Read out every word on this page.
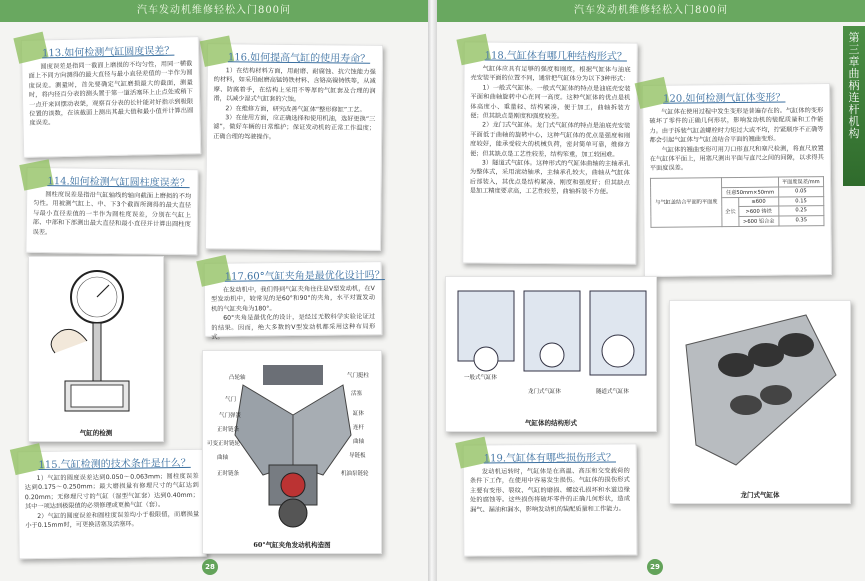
汽车发动机维修轻松入门800问
113.如何检测气缸圆度误差？

圆度误差是指同一截面上磨损的不均匀性，用同一横截面上不同方向测得的最大直径与最小直径差值的一半作为圆度误差。测量时，首先要确定气缸磨损最大的截面，测量时，将内径百分表的测头置于第一道活塞环上止点处或稍下一点开来回摆动表架，观察百分表的长针能对好指示到极限位置的读数，在该截面上测出其最大值和最小值并计算出圆度误差。

114.如何检测气缸圆柱度误差？

圆柱度误差是指沿气缸轴线的轴向截面上磨损的不均匀性。用被测气缸上、中、下3个截面所测得的最大直径与最小直径差值的一半作为圆柱度误差，分别在气缸上部、中部和下部测出最大直径和最小直径并计算出圆柱度误差。

气缸的检测
115.气缸检测的技术条件是什么？

1）气缸的圆度误差达到0.050～0.063mm；圆柱度误差达到0.175～0.250mm；最大磨损量有修理尺寸的气缸达到0.20mm；无修理尺寸的气缸（湿型气缸套）达到0.40mm；其中一项达到极限值的必须修理或更换气缸（套）。

2）气缸的圆度误差和圆柱度误差均小于极限值，而磨损量小于0.15mm时，可更换活塞及活塞环。

116.如何提高气缸的使用寿命？

1）在结构材料方面，用耐磨、耐腐蚀、抗穴蚀能力强的材料，如采用耐磨高锰铸铁材料、含铬高镍铸铁等，从减摩、防腐着手，在结构上采用不等厚的气缸套及合理的润滑，以减少湿式气缸套的穴蚀。

2）在维修方面，研究改善气缸体“整形修缸”工艺。

3）在使用方面，应正确选择和使用机油，选好更换“三滤”，做好车辆的日常维护；保证发动机的正常工作温度；正确合理的驾驶操作。

117.60°气缸夹角是最优化设计吗？

在发动机中，我们得到气缸夹角往往是V型发动机，在V型发动机中，较常见的是60°和90°的夹角，水平对置发动机的气缸夹角为180°。

60°夹角是最优化的设计，是经过无数科学实验论证过的结果。因而，绝大多数的V型发动机都采用这种布局形式。

凸轮轴
气门
气门弹簧
正时链条
可变正时链轮
曲轴
正时链条
气门挺柱
活塞
缸体
连杆
曲轴
导链板
机油泵链轮
60°气缸夹角发动机构造图
28
汽车发动机维修轻松入门800问
第
三
章
曲
柄
连
杆
机
构
118.气缸体有哪几种结构形式？

气缸体应具有足够的强度和刚度，根据气缸体与油底壳安装平面的位置不同，通常把气缸体分为以下3种形式：

1）一般式气缸体。一般式气缸体的特点是油底壳安装平面和曲轴旋转中心在同一高度。这种气缸体的优点是机体高度小、重量轻、结构紧凑，便于加工，曲轴拆装方便；但其缺点是刚度和强度较差。

2）龙门式气缸体。龙门式气缸体的特点是油底壳安装平面低于曲轴的旋转中心，这种气缸体的优点是强度和刚度较好，能承受较大的机械负荷，密封简单可靠，维修方便；但其缺点是工艺性较差，结构笨重，加工较困难。

3）隧道式气缸体。这种形式的气缸体曲轴的主轴承孔为整体式，采用滚动轴承，主轴承孔较大，曲轴从气缸体后部装入，其优点是结构紧凑、刚度和强度好；但其缺点是加工精度要求高，工艺性较差，曲轴拆装不方便。

120.如何检测气缸体变形？

气缸体在使用过程中发生变形是普遍存在的。气缸体的变形破坏了零件的正确几何形状，影响发动机的装配质量和工作能力。由于拆装气缸盖螺栓时力矩过大或不均，拧紧顺序不正确等都会引起气缸体与气缸盖结合平面的翘曲变形。

气缸体的翘曲变形可用刀口形直尺和塞尺检测，将直尺放置在气缸体平面上，用塞尺测出平面与直尺之间的间隙，以求得其平面度误差。

与气缸盖结合平面的平面度			平面度误差/mm
	任意50mm×50mm		0.05
	全长	≤600	0.15
		>600 铸铁	0.25
		>600 铝合金	0.35
一般式气缸体
龙门式气缸体	隧道式气缸体
气缸体的结构形式
119.气缸体有哪些损伤形式？

发动机运转时，气缸体是在高温、高压和交变载荷的条件下工作，在使用中容易发生损伤。气缸体的损伤形式主要有变形、裂纹、气缸的磨损、螺纹孔损坏和水道边缘处的腐蚀等。这些损伤将破坏零件的正确几何形状，造成漏气、漏油和漏水，影响发动机的装配质量和工作能力。

龙门式气缸体
29
